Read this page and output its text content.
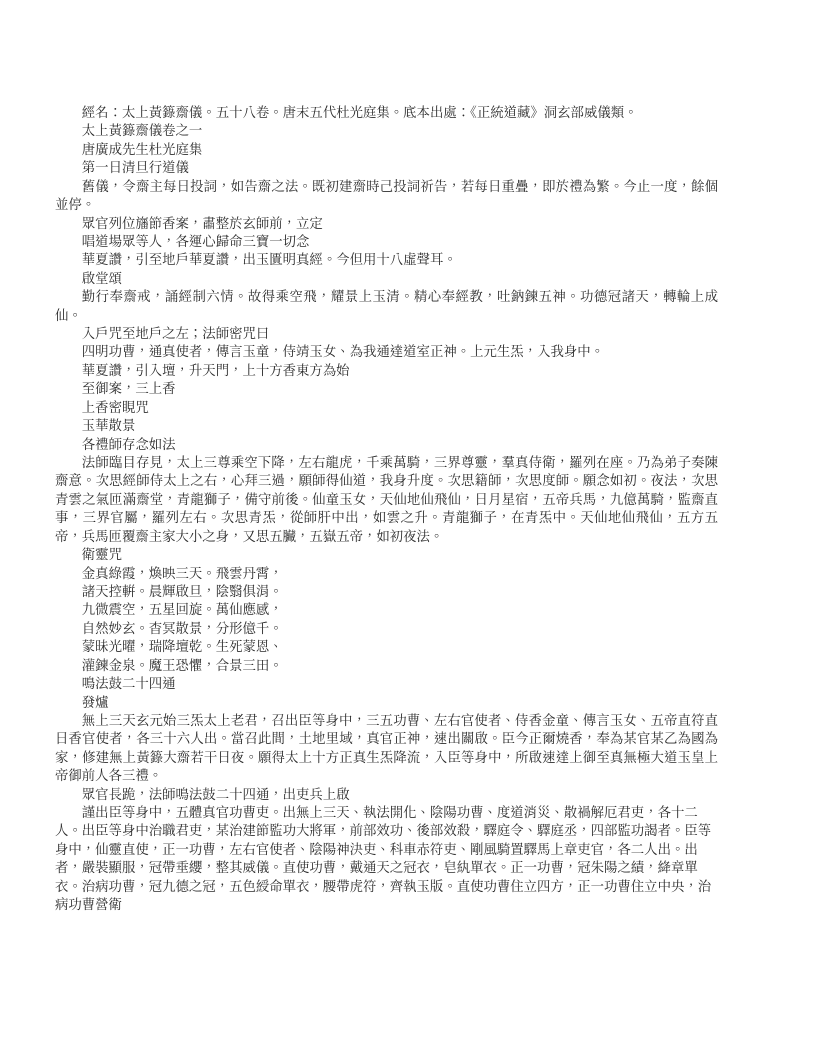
經名：太上黃籙齋儀。五十八卷。唐末五代杜光庭集。底本出處：《正統道藏》洞玄部威儀類。

太上黃籙齋儀卷之一

唐廣成先生杜光庭集

第一日清旦行道儀

舊儀，令齋主每日投詞，如告齋之法。既初建齋時己投詞祈告，若每日重疊，即於禮為繁。今止一度，餘個並停。

眾官列位旛節香案，肅整於玄師前，立定

唱道場眾等人，各運心歸命三寶一切念

華夏讚，引至地戶華夏讚，出玉匱明真經。今但用十八虛聲耳。

啟堂頌

勤行奉齋戒，誦經制六情。故得乘空飛，耀景上玉清。精心奉經教，吐鈉鍊五神。功德冠諸天，轉輪上成仙。

入戶咒至地戶之左；法師密咒曰

四明功曹，通真使者，傳言玉童，侍靖玉女、為我通達道室正神。上元生炁，入我身中。

華夏讚，引入壇，升天門，上十方香東方為始

至御案，三上香

上香密睍咒

玉華散景

各禮師存念如法

法師臨目存見，太上三尊乘空下降，左右龍虎，千乘萬騎，三界尊靈，羣真侍衛，羅列在座。乃為弟子奏陳齋意。次思經師侍太上之右，心拜三過，願師得仙道，我身升度。次思籍師，次思度師。願念如初。夜法，次思青雲之氣匝滿齋堂，青龍獅子，備守前後。仙童玉女，天仙地仙飛仙，日月星宿，五帝兵馬，九億萬騎，監齋直事，三界官屬，羅列左右。次思青炁，從師肝中出，如雲之升。青龍獅子，在青炁中。天仙地仙飛仙，五方五帝，兵馬匝覆齋主家大小之身，又思五臟，五嶽五帝，如初夜法。

衛靈咒

金真綠霞，煥映三天。飛雲丹霄，

諸天控輧。晨輝啟旦，陰翳俱涓。

九微震空，五星回旋。萬仙應感，

自然妙玄。杳冥散景，分形億千。

蒙昧光曜，瑞降壇乾。生死蒙恩、

灌鍊金泉。魔王恐懼，合景三田。

鳴法鼓二十四通

發爐

無上三天玄元始三炁太上老君，召出臣等身中，三五功曹、左右官使者、侍香金童、傳言玉女、五帝直符直日香官使者，各三十六人出。當召此間，土地里域，真官正神，速出關啟。臣今正爾燒香，奉為某官某乙為國為家，修建無上黃籙大齋若干日夜。願得太上十方正真生炁降流，入臣等身中，所啟速達上御至真無極大道玉皇上帝御前人各三禮。

眾官長跪，法師鳴法鼓二十四通，出吏兵上啟

謹出臣等身中，五體真官功曹吏。出無上三天、執法開化、陰陽功曹、度道消災、散禍解厄君吏，各十二人。出臣等身中治職君吏，某治建節監功大將軍，前部效功、後部效殺，驛庭令、驛庭丞，四部監功謁者。臣等身中，仙靈直使，正一功曹，左右官使者、陰陽神決吏、科車赤符吏、剛風騎置驛馬上章吏官，各二人出。出者，嚴裝顯服，冠帶垂纓，整其威儀。直使功曹，戴通天之冠衣，皂紈單衣。正一功曹，冠朱陽之績，絳章單衣。治病功曹，冠九德之冠，五色綬命單衣，腰帶虎符，齊執玉版。直使功曹住立四方，正一功曹住立中央，治病功曹營衛
